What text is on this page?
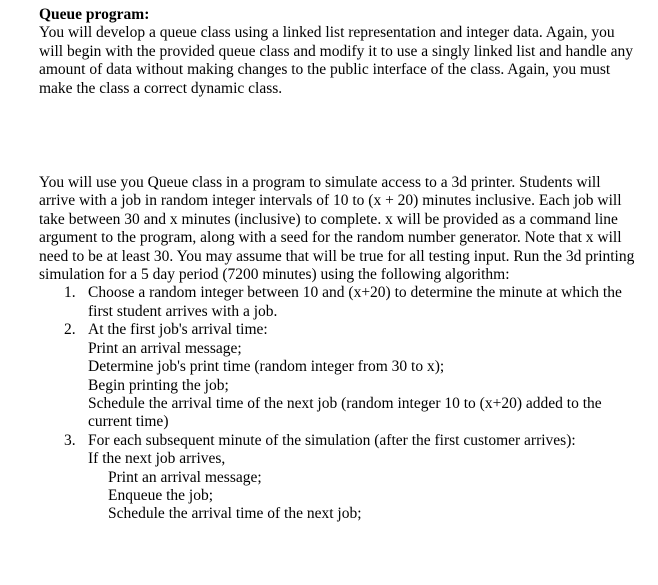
Queue program:

You will develop a queue class using a linked list representation and integer data. Again, you will begin with the provided queue class and modify it to use a singly linked list and handle any amount of data without making changes to the public interface of the class. Again, you must make the class a correct dynamic class.

You will use you Queue class in a program to simulate access to a 3d printer. Students will arrive with a job in random integer intervals of 10 to (x + 20) minutes inclusive. Each job will take between 30 and x minutes (inclusive) to complete. x will be provided as a command line argument to the program, along with a seed for the random number generator. Note that x will need to be at least 30. You may assume that will be true for all testing input. Run the 3d printing simulation for a 5 day period (7200 minutes) using the following algorithm:

1. Choose a random integer between 10 and (x+20) to determine the minute at which the first student arrives with a job.
2. At the first job's arrival time:
Print an arrival message;
Determine job's print time (random integer from 30 to x);
Begin printing the job;
Schedule the arrival time of the next job (random integer 10 to (x+20) added to the current time)
3. For each subsequent minute of the simulation (after the first customer arrives):
If the next job arrives,
Print an arrival message;
Enqueue the job;
Schedule the arrival time of the next job;
